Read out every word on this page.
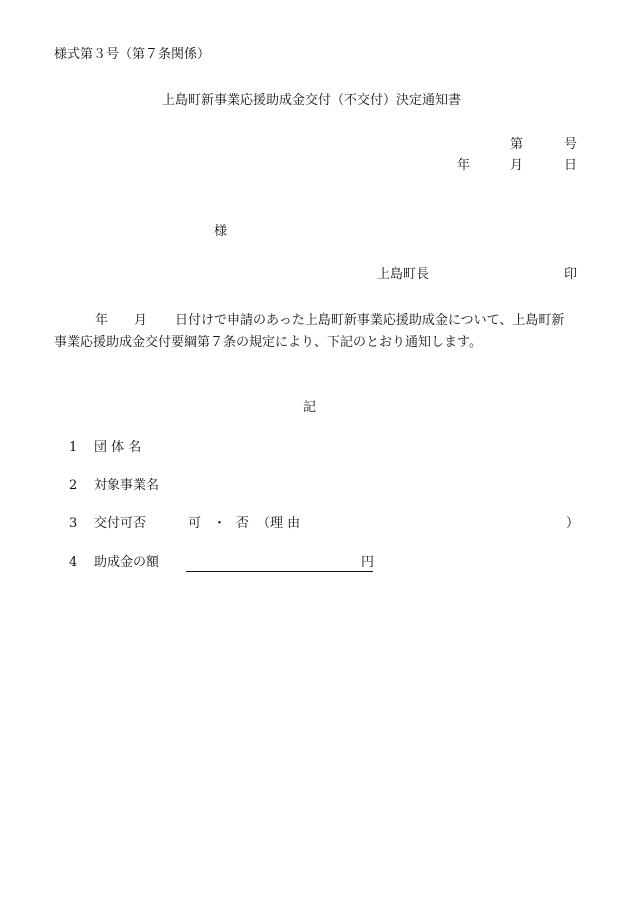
様式第３号（第７条関係）
上島町新事業応援助成金交付（不交付）決定通知書
第	号
年	月	日
様
上島町長	印
年 月 日付けで申請のあった上島町新事業応援助成金について、上島町新
事業応援助成金交付要綱第７条の規定により、下記のとおり通知します。
記
1 団 体 名
2 対象事業名
3 交付可否	可 ・ 否 （理 由	）
4 助成金の額	円
